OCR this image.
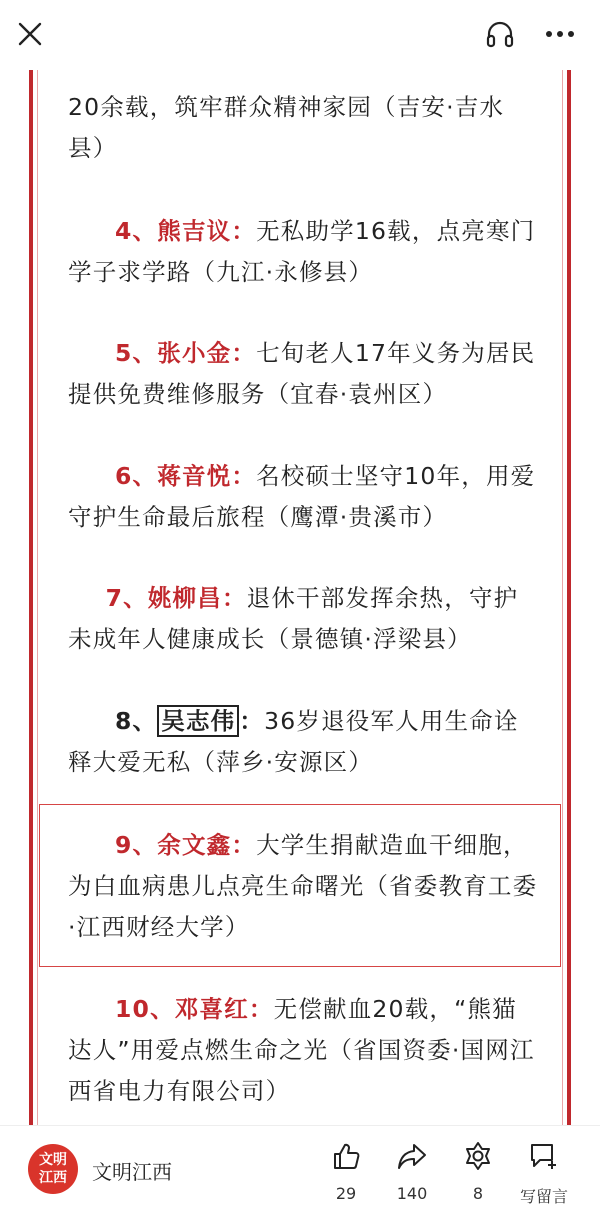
20余载，筑牢群众精神家园（吉安·吉水县）

4、熊吉议：无私助学16载，点亮寒门学子求学路（九江·永修县）

5、张小金：七旬老人17年义务为居民提供免费维修服务（宜春·袁州区）

6、蒋音悦：名校硕士坚守10年，用爱守护生命最后旅程（鹰潭·贵溪市）

7、姚柳昌：退休干部发挥余热，守护未成年人健康成长（景德镇·浮梁县）

8、 吴志伟 ：36岁退役军人用生命诠释大爱无私（萍乡·安源区）

9、余文鑫：大学生捐献造血干细胞，为白血病患儿点亮生命曙光（省委教育工委·江西财经大学）

10、邓喜红：无偿献血20载，“熊猫达人”用爱点燃生命之光（省国资委·国网江西省电力有限公司）

文明江西 文明江西
29	140	8	写留言
